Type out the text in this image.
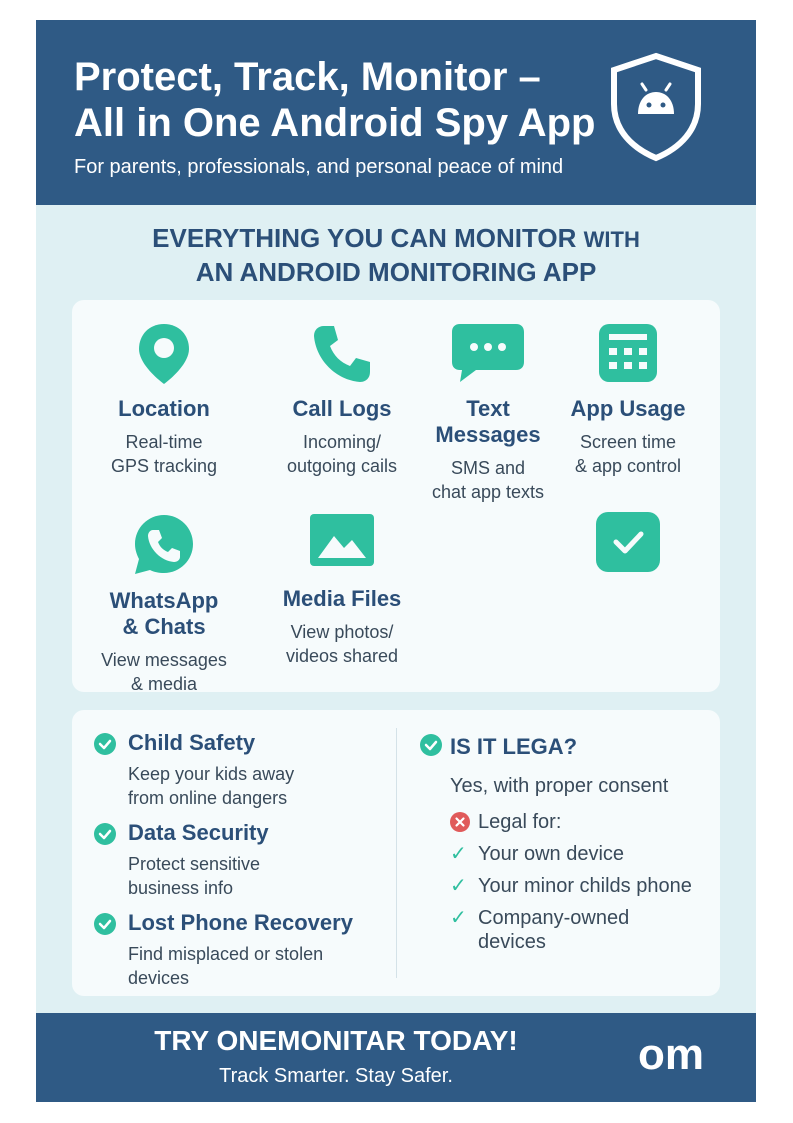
Protect, Track, Monitor –
All in One Android Spy App
For parents, professionals, and personal peace of mind
EVERYTHING YOU CAN MONITOR WITH
AN ANDROID MONITORING APP
Location
Real-time
GPS tracking
Call Logs
Incoming/
outgoing cails
Text
Messages
SMS and
chat app texts
App Usage
Screen time
& app control
WhatsApp
& Chats
View messages
& media
Media Files
View photos/
videos shared
Child Safety
Keep your kids away
from online dangers
Data Security
Protect sensitive
business info
Lost Phone Recovery
Find misplaced or stolen
devices
IS IT LEGA?
Yes, with proper consent
Legal for:
✓ Your own device
✓ Your minor childs phone
✓ Company-owned devices
TRY ONEMONITAR TODAY!
Track Smarter. Stay Safer.	om
